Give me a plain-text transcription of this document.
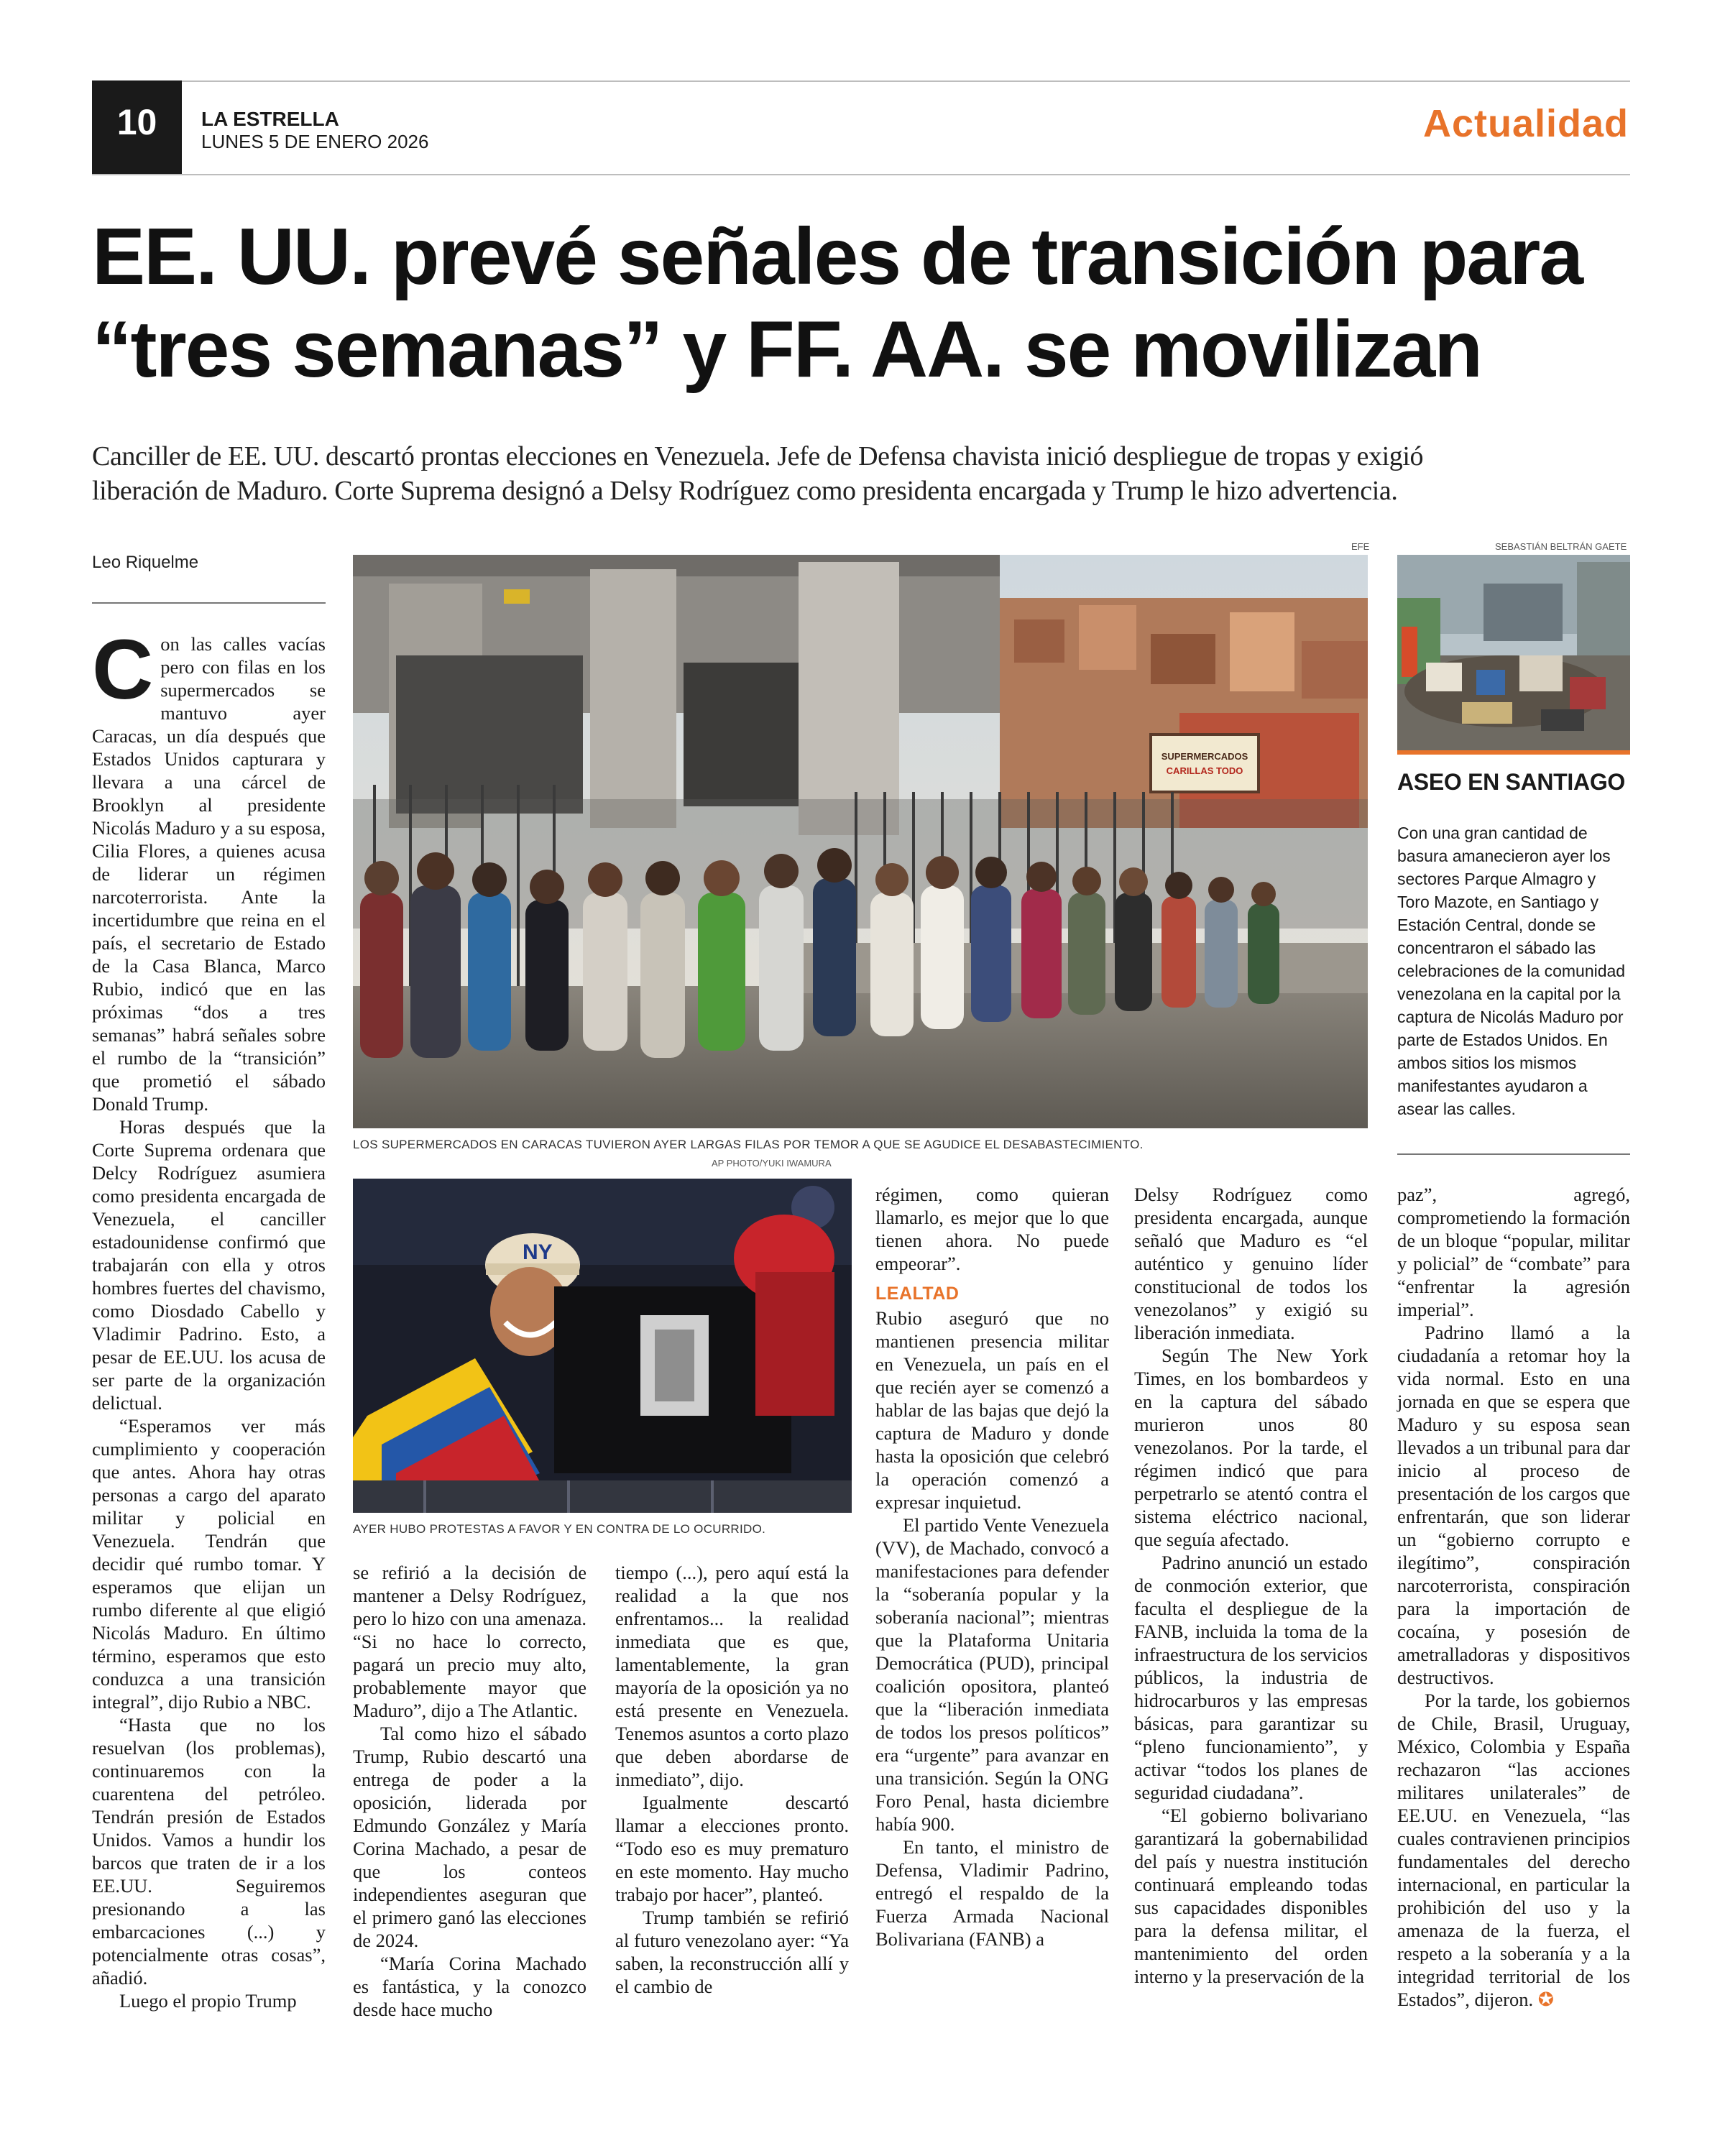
10	LA ESTRELLA
LUNES 5 DE ENERO 2026	Actualidad
EE. UU. prevé señales de transición para
“tres semanas” y FF. AA. se movilizan
Canciller de EE. UU. descartó prontas elecciones en Venezuela. Jefe de Defensa chavista inició despliegue de tropas y exigió
liberación de Maduro. Corte Suprema designó a Delsy Rodríguez como presidenta encargada y Trump le hizo advertencia.
Leo Riquelme
C on las calles vacías pero con filas en los supermercados se mantuvo ayer Caracas, un día después que Estados Unidos capturara y llevara a una cárcel de Brooklyn al presidente Nicolás Maduro y a su esposa, Cilia Flores, a quienes acusa de liderar un régimen narcoterrorista. Ante la incertidumbre que reina en el país, el secretario de Estado de la Casa Blanca, Marco Rubio, indicó que en las próximas “dos a tres semanas” habrá señales sobre el rumbo de la “transición” que prometió el sábado Donald Trump.

Horas después que la Corte Suprema ordenara que Delcy Rodríguez asumiera como presidenta encargada de Venezuela, el canciller estadounidense confirmó que trabajarán con ella y otros hombres fuertes del chavismo, como Diosdado Cabello y Vladimir Padrino. Esto, a pesar de EE.UU. los acusa de ser parte de la organización delictual.

“Esperamos ver más cumplimiento y cooperación que antes. Ahora hay otras personas a cargo del aparato militar y policial en Venezuela. Tendrán que decidir qué rumbo tomar. Y esperamos que elijan un rumbo diferente al que eligió Nicolás Maduro. En último término, esperamos que esto conduzca a una transición integral”, dijo Rubio a NBC.

“Hasta que no los resuelvan (los problemas), continuaremos con la cuarentena del petróleo. Tendrán presión de Estados Unidos. Vamos a hundir los barcos que traten de ir a los EE.UU. Seguiremos presionando a las embarcaciones (...) y potencialmente otras cosas”, añadió.

Luego el propio Trump

EFE
SUPERMERCADOS
CARILLAS TODO
LOS SUPERMERCADOS EN CARACAS TUVIERON AYER LARGAS FILAS POR TEMOR A QUE SE AGUDICE EL DESABASTECIMIENTO.
AP PHOTO/YUKI IWAMURA
NY
AYER HUBO PROTESTAS A FAVOR Y EN CONTRA DE LO OCURRIDO.

se refirió a la decisión de mantener a Delsy Rodríguez, pero lo hizo con una amenaza. “Si no hace lo correcto, pagará un precio muy alto, probablemente mayor que Maduro”, dijo a The Atlantic.

Tal como hizo el sábado Trump, Rubio descartó una entrega de poder a la oposición, liderada por Edmundo González y María Corina Machado, a pesar de que los conteos independientes aseguran que el primero ganó las elecciones de 2024.

“María Corina Machado es fantástica, y la conozco desde hace mucho

tiempo (...), pero aquí está la realidad a la que nos enfrentamos... la realidad inmediata que es que, lamentablemente, la gran mayoría de la oposición ya no está presente en Venezuela. Tenemos asuntos a corto plazo que deben abordarse de inmediato”, dijo.

Igualmente descartó llamar a elecciones pronto. “Todo eso es muy prematuro en este momento. Hay mucho trabajo por hacer”, planteó.

Trump también se refirió al futuro venezolano ayer: “Ya saben, la reconstrucción allí y el cambio de

régimen, como quieran llamarlo, es mejor que lo que tienen ahora. No puede empeorar”.

LEALTAD

Rubio aseguró que no mantienen presencia militar en Venezuela, un país en el que recién ayer se comenzó a hablar de las bajas que dejó la captura de Maduro y donde hasta la oposición que celebró la operación comenzó a expresar inquietud.

El partido Vente Venezuela (VV), de Machado, convocó a manifestaciones para defender la “soberanía popular y la soberanía nacional”; mientras que la Plataforma Unitaria Democrática (PUD), principal coalición opositora, planteó que la “liberación inmediata de todos los presos políticos” era “urgente” para avanzar en una transición. Según la ONG Foro Penal, hasta diciembre había 900.

En tanto, el ministro de Defensa, Vladimir Padrino, entregó el respaldo de la Fuerza Armada Nacional Bolivariana (FANB) a

Delsy Rodríguez como presidenta encargada, aunque señaló que Maduro es “el auténtico y genuino líder constitucional de todos los venezolanos” y exigió su liberación inmediata.

Según The New York Times, en los bombardeos y en la captura del sábado murieron unos 80 venezolanos. Por la tarde, el régimen indicó que para perpetrarlo se atentó contra el sistema eléctrico nacional, que seguía afectado.

Padrino anunció un estado de conmoción exterior, que faculta el despliegue de la FANB, incluida la toma de la infraestructura de los servicios públicos, la industria de hidrocarburos y las empresas básicas, para garantizar su “pleno funcionamiento”, y activar “todos los planes de seguridad ciudadana”.

“El gobierno bolivariano garantizará la gobernabilidad del país y nuestra institución continuará empleando todas sus capacidades disponibles para la defensa militar, el mantenimiento del orden interno y la preservación de la

SEBASTIÁN BELTRÁN GAETE
ASEO EN SANTIAGO
Con una gran cantidad de basura amanecieron ayer los sectores Parque Almagro y Toro Mazote, en Santiago y Estación Central, donde se concentraron el sábado las celebraciones de la comunidad venezolana en la capital por la captura de Nicolás Maduro por parte de Estados Unidos. En ambos sitios los mismos manifestantes ayudaron a asear las calles.

paz”, agregó, comprometiendo la formación de un bloque “popular, militar y policial” de “combate” para “enfrentar la agresión imperial”.

Padrino llamó a la ciudadanía a retomar hoy la vida normal. Esto en una jornada en que se espera que Maduro y su esposa sean llevados a un tribunal para dar inicio al proceso de presentación de los cargos que enfrentarán, que son liderar un “gobierno corrupto e ilegítimo”, conspiración narcoterrorista, conspiración para la importación de cocaína, y posesión de ametralladoras y dispositivos destructivos.

Por la tarde, los gobiernos de Chile, Brasil, Uruguay, México, Colombia y España rechazaron “las acciones militares unilaterales” de EE.UU. en Venezuela, “las cuales contravienen principios fundamentales del derecho internacional, en particular la prohibición del uso y la amenaza de la fuerza, el respeto a la soberanía y a la integridad territorial de los Estados”, dijeron. ✪
